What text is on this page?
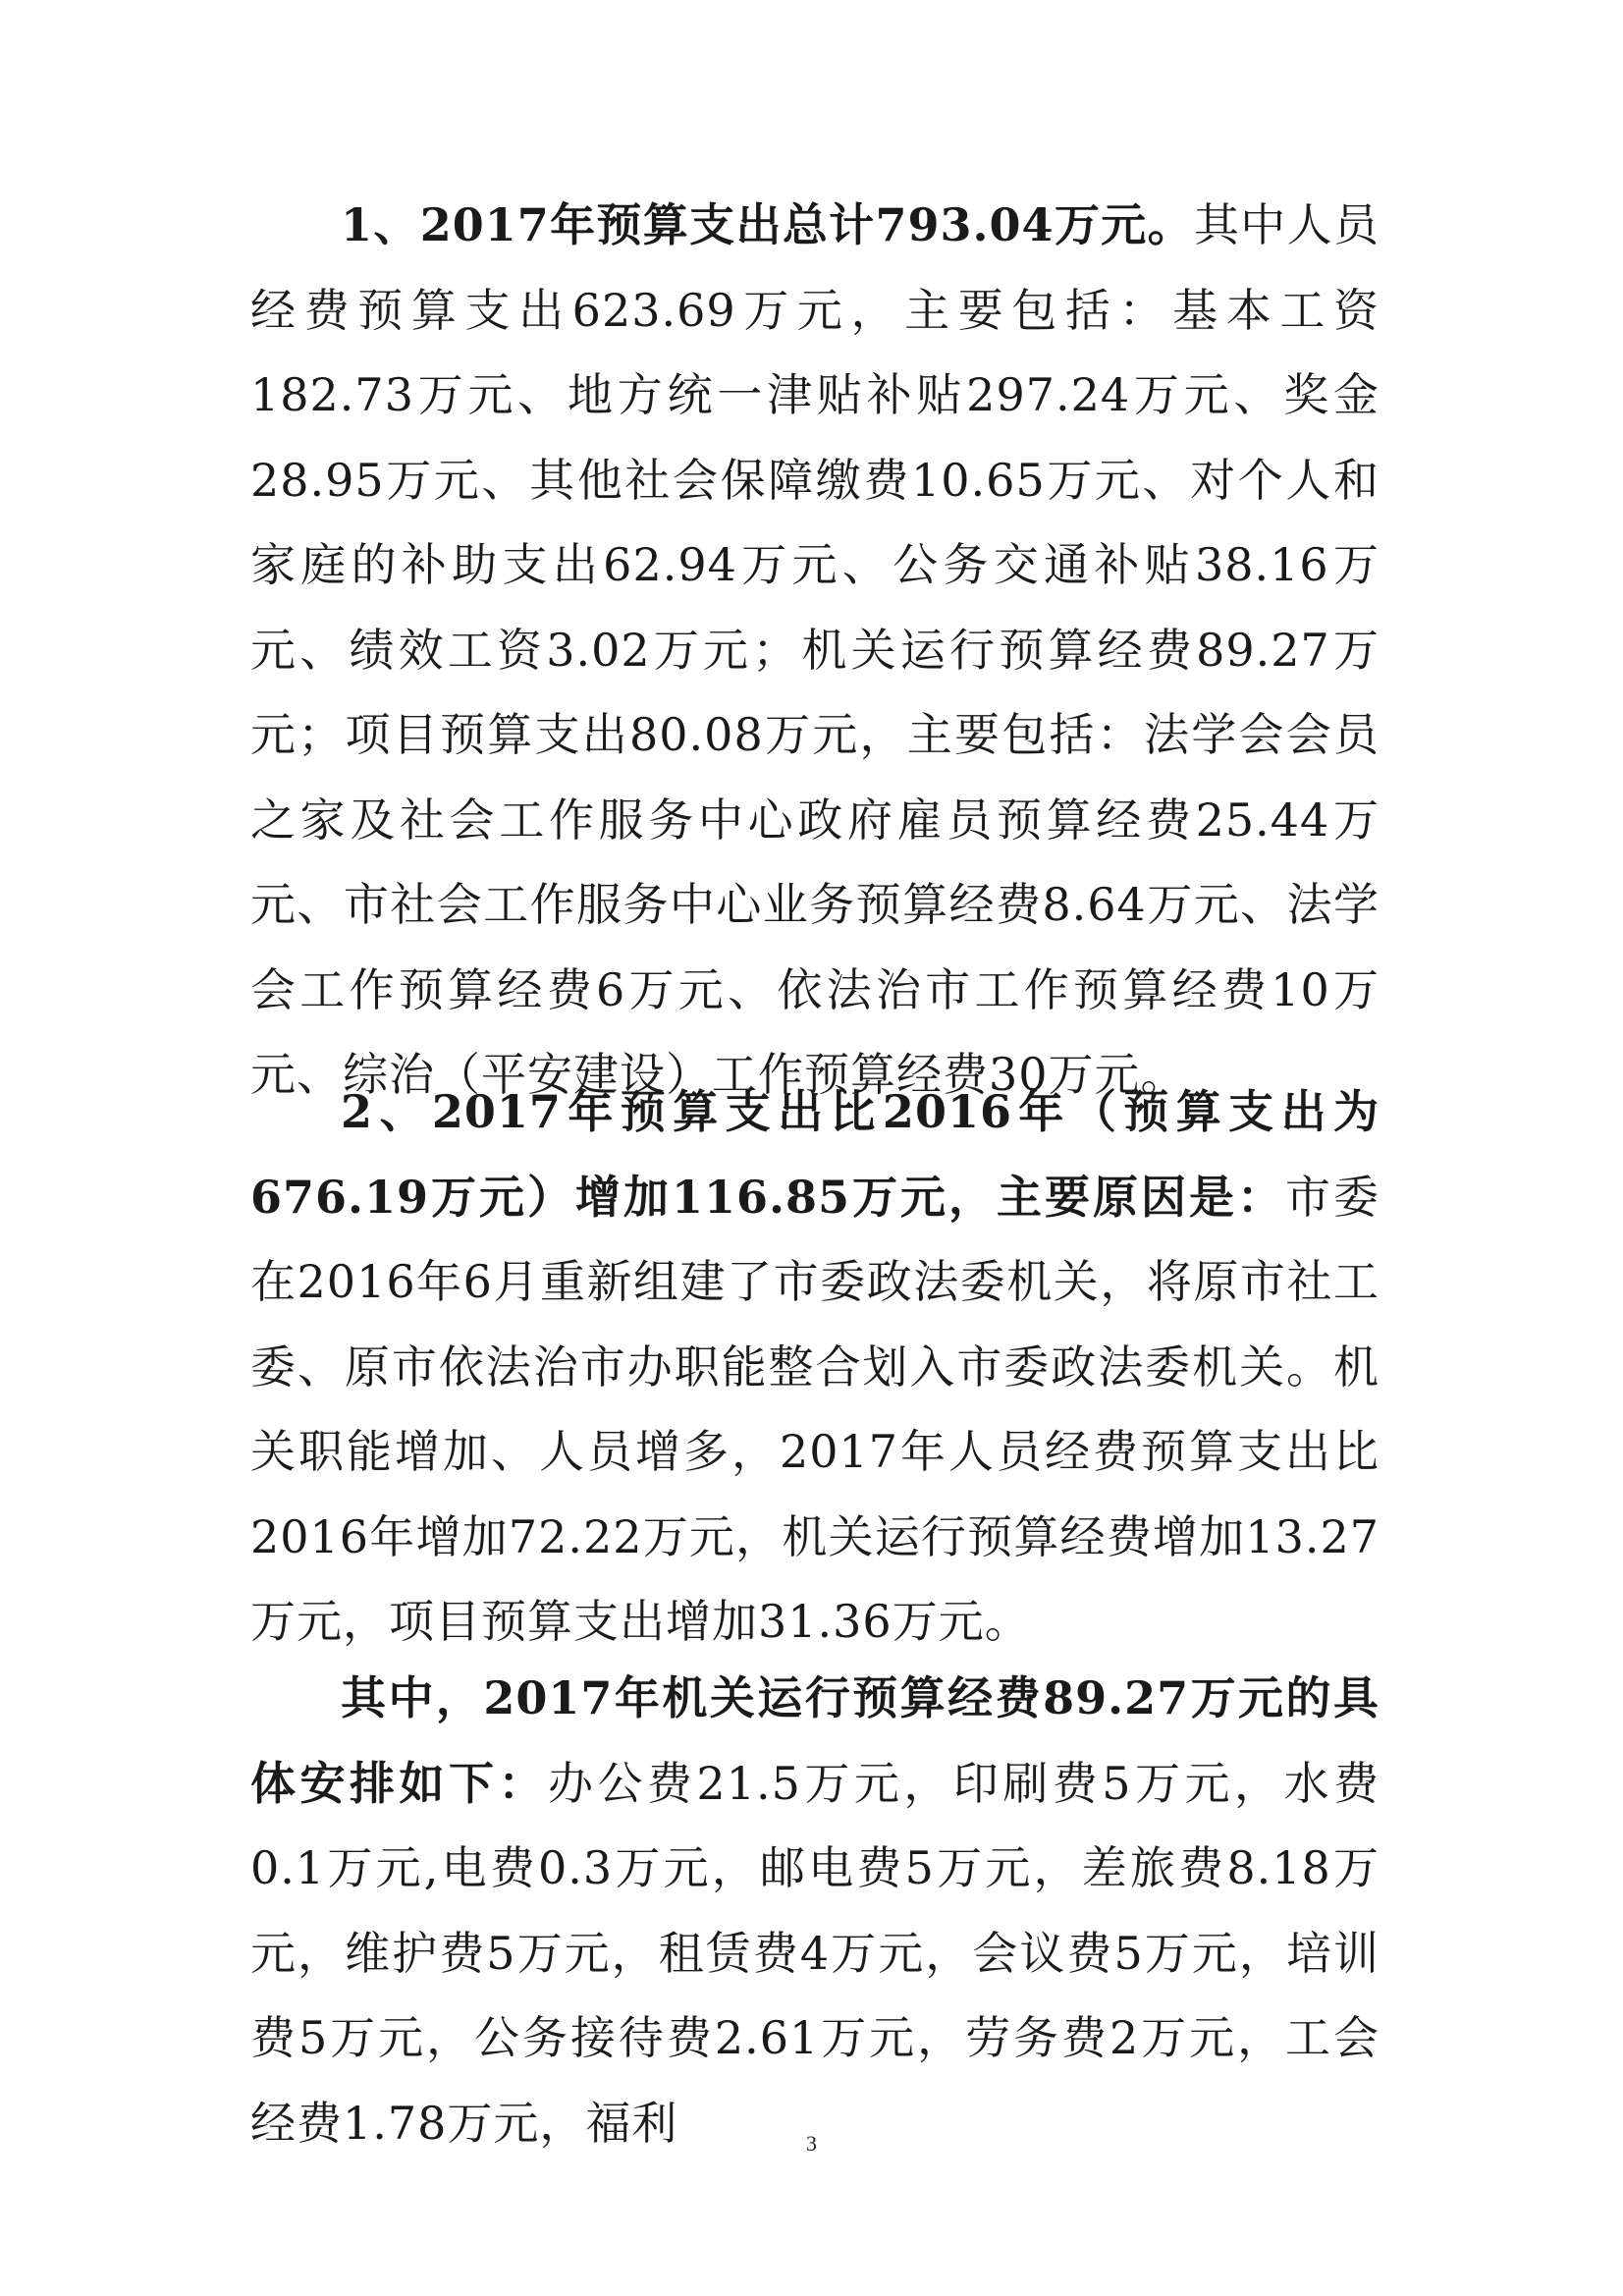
1、2017年预算支出总计793.04万元。其中人员经费预算支出623.69万元，主要包括：基本工资182.73万元、地方统一津贴补贴297.24万元、奖金28.95万元、其他社会保障缴费10.65万元、对个人和家庭的补助支出62.94万元、公务交通补贴38.16万元、绩效工资3.02万元；机关运行预算经费89.27万元；项目预算支出80.08万元，主要包括：法学会会员之家及社会工作服务中心政府雇员预算经费25.44万元、市社会工作服务中心业务预算经费8.64万元、法学会工作预算经费6万元、依法治市工作预算经费10万元、综治（平安建设）工作预算经费30万元。

2、2017年预算支出比2016年（预算支出为676.19万元）增加116.85万元，主要原因是：市委在2016年6月重新组建了市委政法委机关，将原市社工委、原市依法治市办职能整合划入市委政法委机关。机关职能增加、人员增多，2017年人员经费预算支出比2016年增加72.22万元，机关运行预算经费增加13.27万元，项目预算支出增加31.36万元。

其中，2017年机关运行预算经费89.27万元的具体安排如下：办公费21.5万元，印刷费5万元，水费0.1万元,电费0.3万元，邮电费5万元，差旅费8.18万元，维护费5万元，租赁费4万元，会议费5万元，培训费5万元，公务接待费2.61万元，劳务费2万元，工会经费1.78万元，福利	3
